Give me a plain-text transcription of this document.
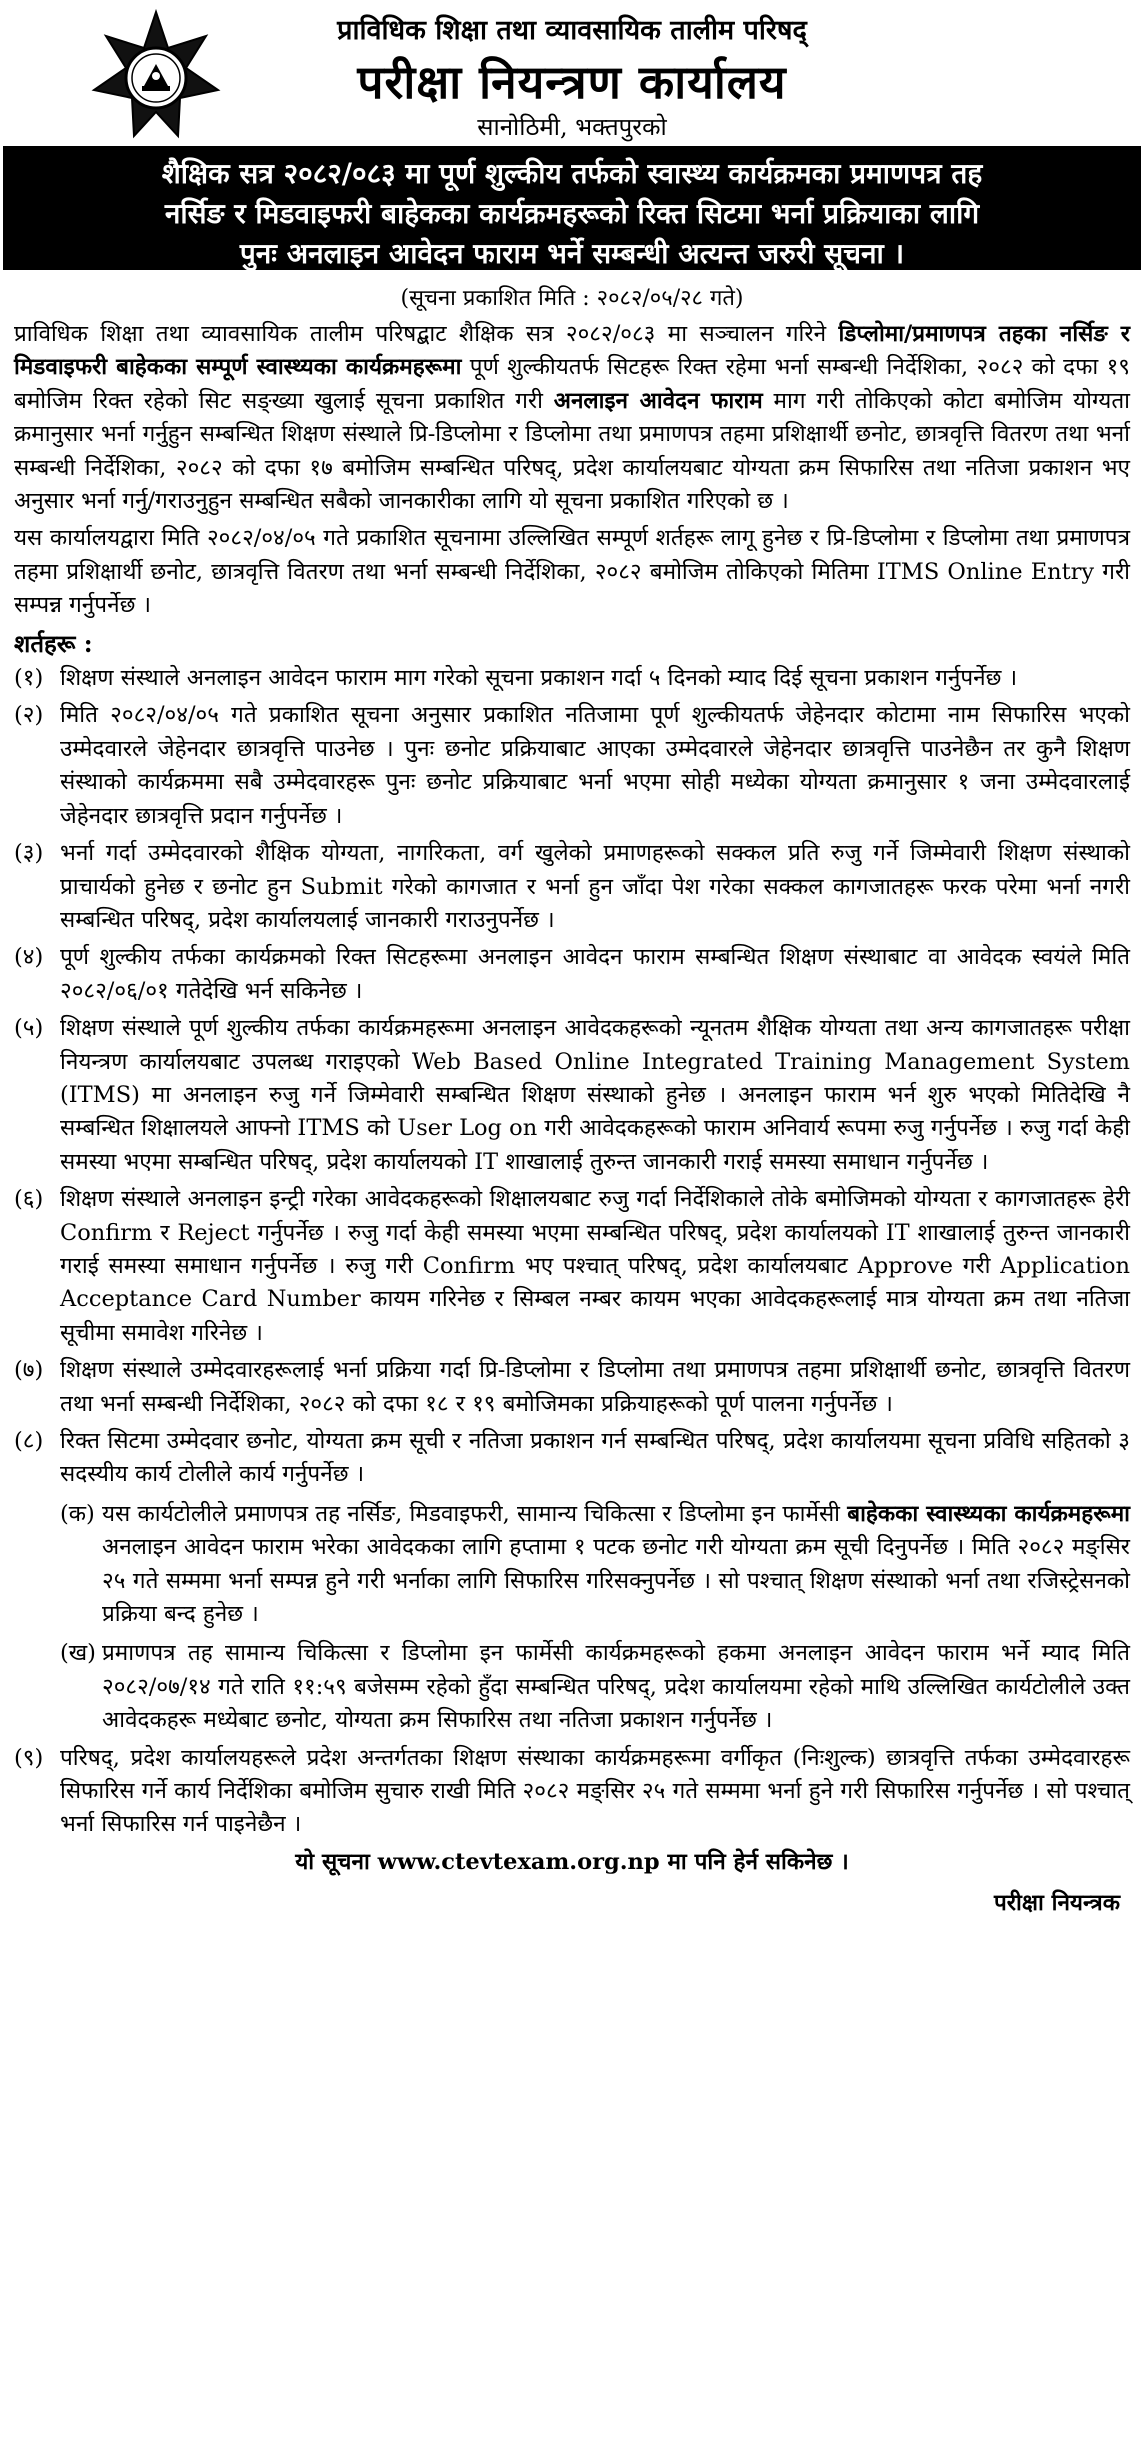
प्राविधिक शिक्षा तथा व्यावसायिक तालीम परिषद्
परीक्षा नियन्त्रण कार्यालय
सानोठिमी, भक्तपुरको
शैक्षिक सत्र २०८२/०८३ मा पूर्ण शुल्कीय तर्फको स्वास्थ्य कार्यक्रमका प्रमाणपत्र तह
नर्सिङ र मिडवाइफरी बाहेकका कार्यक्रमहरूको रिक्त सिटमा भर्ना प्रक्रियाका लागि
पुनः अनलाइन आवेदन फाराम भर्ने सम्बन्धी अत्यन्त जरुरी सूचना ।
(सूचना प्रकाशित मिति : २०८२/०५/२८ गते)

प्राविधिक शिक्षा तथा व्यावसायिक तालीम परिषद्बाट शैक्षिक सत्र २०८२/०८३ मा सञ्चालन गरिने डिप्लोमा/प्रमाणपत्र तहका नर्सिङ र मिडवाइफरी बाहेकका सम्पूर्ण स्वास्थ्यका कार्यक्रमहरूमा पूर्ण शुल्कीयतर्फ सिटहरू रिक्त रहेमा भर्ना सम्बन्धी निर्देशिका, २०८२ को दफा १९ बमोजिम रिक्त रहेको सिट सङ्ख्या खुलाई सूचना प्रकाशित गरी अनलाइन आवेदन फाराम माग गरी तोकिएको कोटा बमोजिम योग्यता क्रमानुसार भर्ना गर्नुहुन सम्बन्धित शिक्षण संस्थाले प्रि-डिप्लोमा र डिप्लोमा तथा प्रमाणपत्र तहमा प्रशिक्षार्थी छनोट, छात्रवृत्ति वितरण तथा भर्ना सम्बन्धी निर्देशिका, २०८२ को दफा १७ बमोजिम सम्बन्धित परिषद्, प्रदेश कार्यालयबाट योग्यता क्रम सिफारिस तथा नतिजा प्रकाशन भए अनुसार भर्ना गर्नु/गराउनुहुन सम्बन्धित सबैको जानकारीका लागि यो सूचना प्रकाशित गरिएको छ ।

यस कार्यालयद्वारा मिति २०८२/०४/०५ गते प्रकाशित सूचनामा उल्लिखित सम्पूर्ण शर्तहरू लागू हुनेछ र प्रि-डिप्लोमा र डिप्लोमा तथा प्रमाणपत्र तहमा प्रशिक्षार्थी छनोट, छात्रवृत्ति वितरण तथा भर्ना सम्बन्धी निर्देशिका, २०८२ बमोजिम तोकिएको मितिमा ITMS Online Entry गरी सम्पन्न गर्नुपर्नेछ ।

शर्तहरू :
(१) शिक्षण संस्थाले अनलाइन आवेदन फाराम माग गरेको सूचना प्रकाशन गर्दा ५ दिनको म्याद दिई सूचना प्रकाशन गर्नुपर्नेछ ।
(२) मिति २०८२/०४/०५ गते प्रकाशित सूचना अनुसार प्रकाशित नतिजामा पूर्ण शुल्कीयतर्फ जेहेनदार कोटामा नाम सिफारिस भएको उम्मेदवारले जेहेनदार छात्रवृत्ति पाउनेछ । पुनः छनोट प्रक्रियाबाट आएका उम्मेदवारले जेहेनदार छात्रवृत्ति पाउनेछैन तर कुनै शिक्षण संस्थाको कार्यक्रममा सबै उम्मेदवारहरू पुनः छनोट प्रक्रियाबाट भर्ना भएमा सोही मध्येका योग्यता क्रमानुसार १ जना उम्मेदवारलाई जेहेनदार छात्रवृत्ति प्रदान गर्नुपर्नेछ ।
(३) भर्ना गर्दा उम्मेदवारको शैक्षिक योग्यता, नागरिकता, वर्ग खुलेको प्रमाणहरूको सक्कल प्रति रुजु गर्ने जिम्मेवारी शिक्षण संस्थाको प्राचार्यको हुनेछ र छनोट हुन Submit गरेको कागजात र भर्ना हुन जाँदा पेश गरेका सक्कल कागजातहरू फरक परेमा भर्ना नगरी सम्बन्धित परिषद्, प्रदेश कार्यालयलाई जानकारी गराउनुपर्नेछ ।
(४) पूर्ण शुल्कीय तर्फका कार्यक्रमको रिक्त सिटहरूमा अनलाइन आवेदन फाराम सम्बन्धित शिक्षण संस्थाबाट वा आवेदक स्वयंले मिति २०८२/०६/०१ गतेदेखि भर्न सकिनेछ ।
(५) शिक्षण संस्थाले पूर्ण शुल्कीय तर्फका कार्यक्रमहरूमा अनलाइन आवेदकहरूको न्यूनतम शैक्षिक योग्यता तथा अन्य कागजातहरू परीक्षा नियन्त्रण कार्यालयबाट उपलब्ध गराइएको Web Based Online Integrated Training Management System (ITMS) मा अनलाइन रुजु गर्ने जिम्मेवारी सम्बन्धित शिक्षण संस्थाको हुनेछ । अनलाइन फाराम भर्न शुरु भएको मितिदेखि नै सम्बन्धित शिक्षालयले आफ्नो ITMS को User Log on गरी आवेदकहरूको फाराम अनिवार्य रूपमा रुजु गर्नुपर्नेछ । रुजु गर्दा केही समस्या भएमा सम्बन्धित परिषद्, प्रदेश कार्यालयको IT शाखालाई तुरुन्त जानकारी गराई समस्या समाधान गर्नुपर्नेछ ।
(६) शिक्षण संस्थाले अनलाइन इन्ट्री गरेका आवेदकहरूको शिक्षालयबाट रुजु गर्दा निर्देशिकाले तोके बमोजिमको योग्यता र कागजातहरू हेरी Confirm र Reject गर्नुपर्नेछ । रुजु गर्दा केही समस्या भएमा सम्बन्धित परिषद्, प्रदेश कार्यालयको IT शाखालाई तुरुन्त जानकारी गराई समस्या समाधान गर्नुपर्नेछ । रुजु गरी Confirm भए पश्चात् परिषद्, प्रदेश कार्यालयबाट Approve गरी Application Acceptance Card Number कायम गरिनेछ र सिम्बल नम्बर कायम भएका आवेदकहरूलाई मात्र योग्यता क्रम तथा नतिजा सूचीमा समावेश गरिनेछ ।
(७) शिक्षण संस्थाले उम्मेदवारहरूलाई भर्ना प्रक्रिया गर्दा प्रि-डिप्लोमा र डिप्लोमा तथा प्रमाणपत्र तहमा प्रशिक्षार्थी छनोट, छात्रवृत्ति वितरण तथा भर्ना सम्बन्धी निर्देशिका, २०८२ को दफा १८ र १९ बमोजिमका प्रक्रियाहरूको पूर्ण पालना गर्नुपर्नेछ ।
(८) रिक्त सिटमा उम्मेदवार छनोट, योग्यता क्रम सूची र नतिजा प्रकाशन गर्न सम्बन्धित परिषद्, प्रदेश कार्यालयमा सूचना प्रविधि सहितको ३ सदस्यीय कार्य टोलीले कार्य गर्नुपर्नेछ ।
(क) यस कार्यटोलीले प्रमाणपत्र तह नर्सिङ, मिडवाइफरी, सामान्य चिकित्सा र डिप्लोमा इन फार्मेसी बाहेकका स्वास्थ्यका कार्यक्रमहरूमा अनलाइन आवेदन फाराम भरेका आवेदकका लागि हप्तामा १ पटक छनोट गरी योग्यता क्रम सूची दिनुपर्नेछ । मिति २०८२ मङ्सिर २५ गते सम्ममा भर्ना सम्पन्न हुने गरी भर्नाका लागि सिफारिस गरिसक्नुपर्नेछ । सो पश्चात् शिक्षण संस्थाको भर्ना तथा रजिस्ट्रेसनको प्रक्रिया बन्द हुनेछ ।
(ख) प्रमाणपत्र तह सामान्य चिकित्सा र डिप्लोमा इन फार्मेसी कार्यक्रमहरूको हकमा अनलाइन आवेदन फाराम भर्ने म्याद मिति २०८२/०७/१४ गते राति ११:५९ बजेसम्म रहेको हुँदा सम्बन्धित परिषद्, प्रदेश कार्यालयमा रहेको माथि उल्लिखित कार्यटोलीले उक्त आवेदकहरू मध्येबाट छनोट, योग्यता क्रम सिफारिस तथा नतिजा प्रकाशन गर्नुपर्नेछ ।
(९) परिषद्, प्रदेश कार्यालयहरूले प्रदेश अन्तर्गतका शिक्षण संस्थाका कार्यक्रमहरूमा वर्गीकृत (निःशुल्क) छात्रवृत्ति तर्फका उम्मेदवारहरू सिफारिस गर्ने कार्य निर्देशिका बमोजिम सुचारु राखी मिति २०८२ मङ्सिर २५ गते सम्ममा भर्ना हुने गरी सिफारिस गर्नुपर्नेछ । सो पश्चात् भर्ना सिफारिस गर्न पाइनेछैन ।
यो सूचना www.ctevtexam.org.np मा पनि हेर्न सकिनेछ ।
परीक्षा नियन्त्रक
